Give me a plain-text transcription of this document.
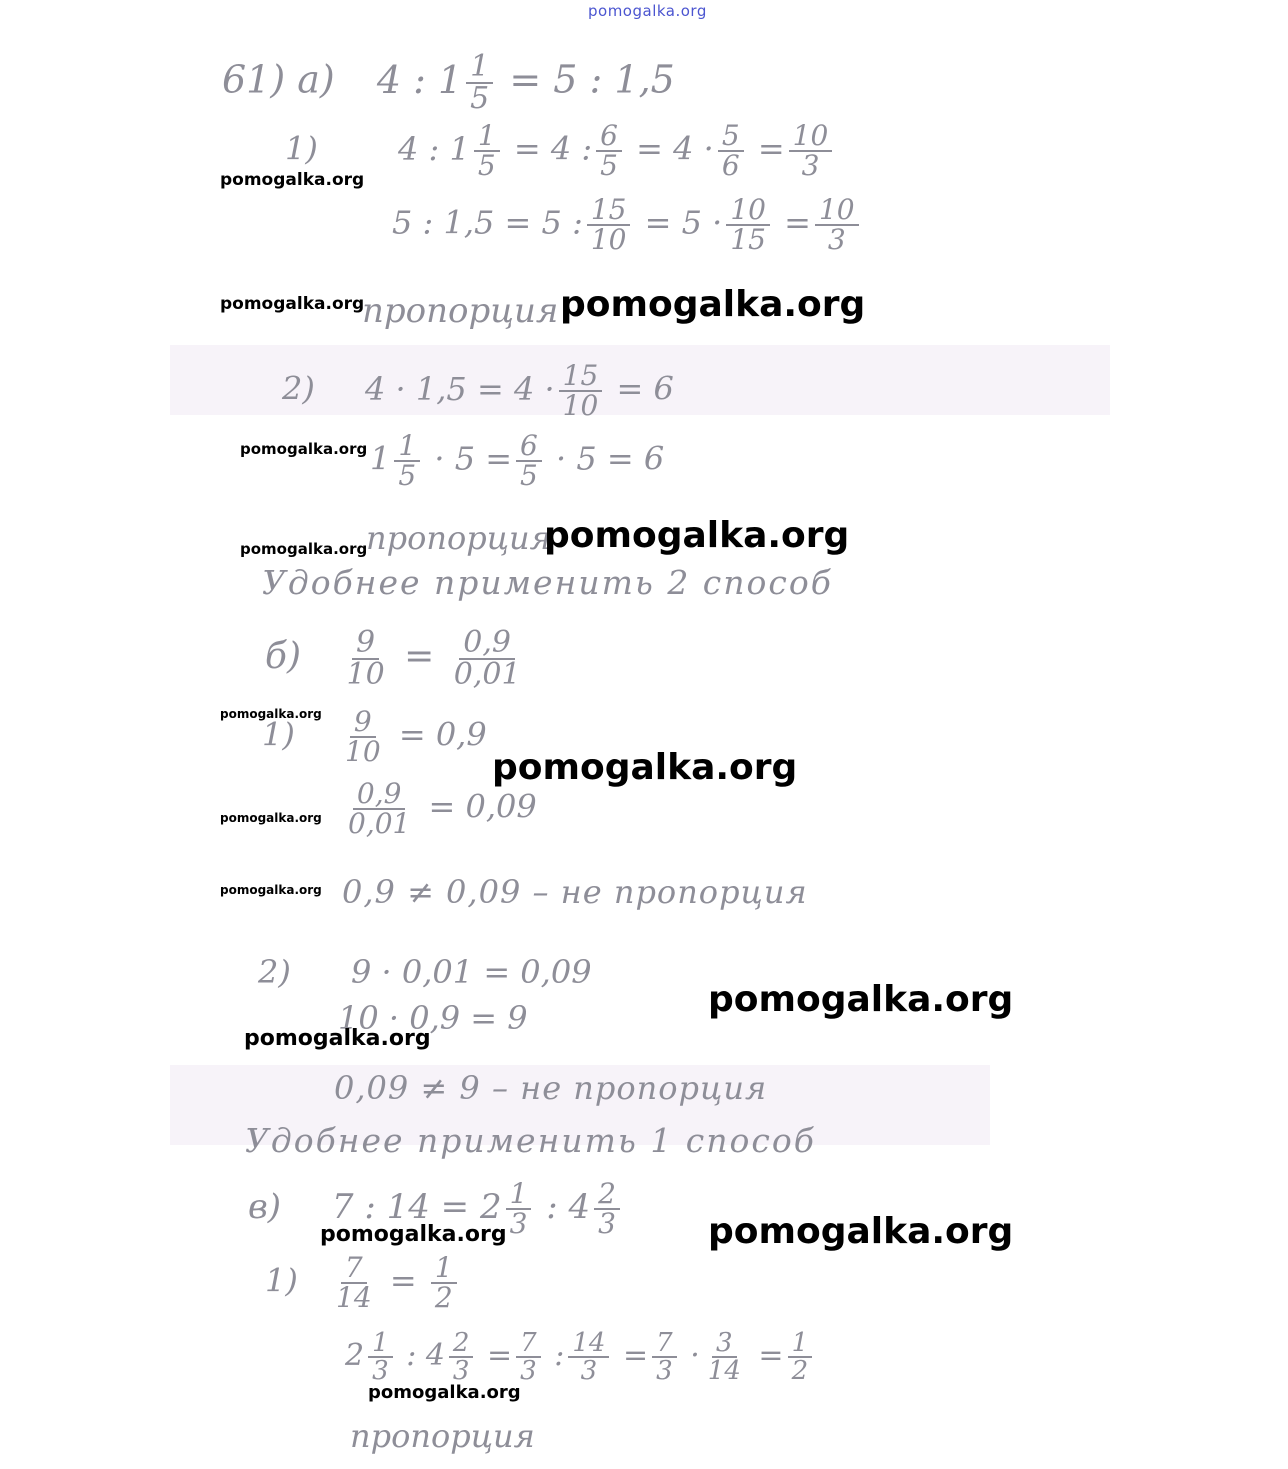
pomogalka.org
61) а) 4 : $1 \frac{1}{5} = 5$ : 1,5
1)	4 : $1 \frac{1}{5} = 4$ : $\frac{6}{5} = 4 \cdot \frac{5}{6} = \frac{10}{3}$
5 : 1,5 = 5 : $\frac{15}{10} = 5 \cdot \frac{10}{15} = \frac{10}{3}$
пропорция
2) $4 \cdot 1,5 = 4 \cdot \frac{15}{10} = 6$
$1 \frac{1}{5} \cdot 5 = \frac{6}{5} \cdot 5 = 6$
пропорция
Удобнее применить 2 способ
$б) \frac{9}{10} = \frac{0,9}{0,01}$
$1) \frac{9}{10} = 0,9$
$\frac{0,9}{0,01} = 0,09$
0,9 ≠ 0,09 – не пропорция
2) 9 · 0,01 = 0,09
10 · 0,9 = 9
0,09 ≠ 9 – не пропорция
Удобнее применить 1 способ
в) 7 : $14 = 2 \frac{1}{3}$ : $4 \frac{2}{3}$
$1) \frac{7}{14} = \frac{1}{2}$
$2 \frac{1}{3}$ : $4 \frac{2}{3} = \frac{7}{3}$ : $\frac{14}{3} = \frac{7}{3} \cdot \frac{3}{14} = \frac{1}{2}$
пропорция
pomogalka.org
pomogalka.org	pomogalka.org
pomogalka.org
pomogalka.org
pomogalka.org
pomogalka.org
pomogalka.org
pomogalka.org
pomogalka.org
pomogalka.org
pomogalka.org
pomogalka.org	pomogalka.org
pomogalka.org
